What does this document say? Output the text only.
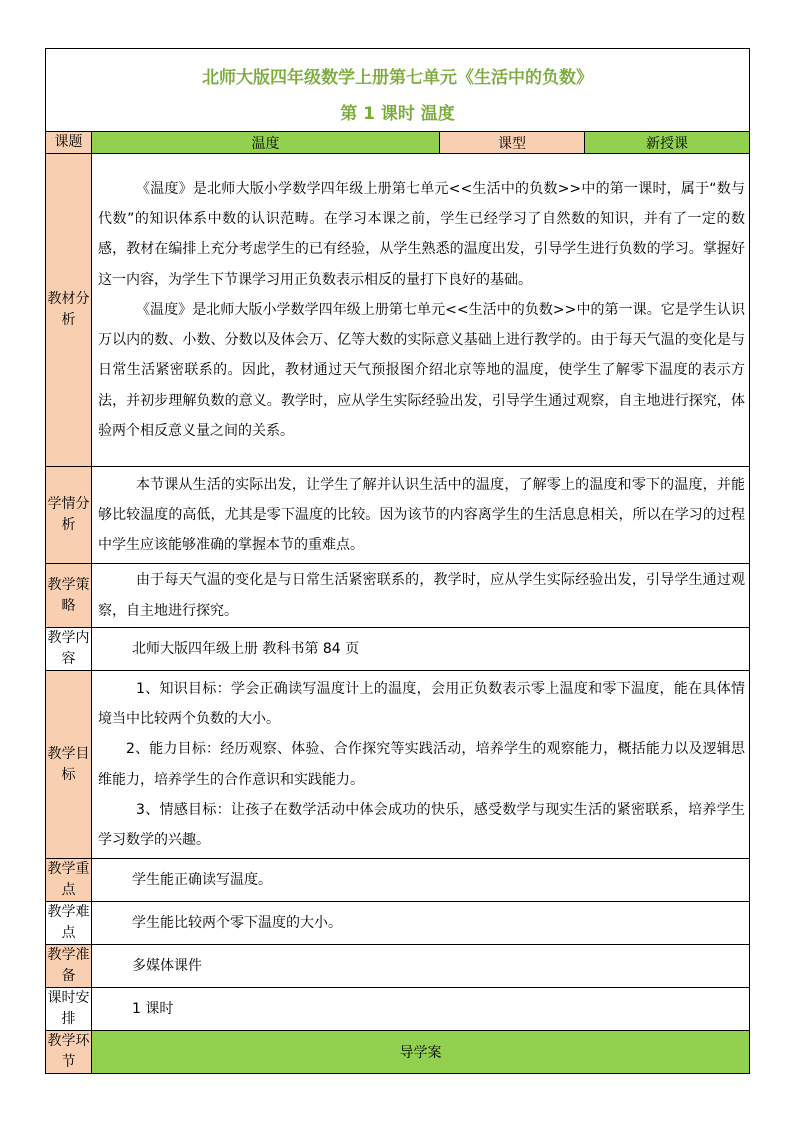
北师大版四年级数学上册第七单元《生活中的负数》
第 1 课时 温度			

课题	温度	课型	新授课
教材分析	《温度》是北师大版小学数学四年级上册第七单元<<生活中的负数>>中的第一课时，属于“数与代数”的知识体系中数的认识范畴。在学习本课之前，学生已经学习了自然数的知识，并有了一定的数感，教材在编排上充分考虑学生的已有经验，从学生熟悉的温度出发，引导学生进行负数的学习。掌握好这一内容，为学生下节课学习用正负数表示相反的量打下良好的基础。

《温度》是北师大版小学数学四年级上册第七单元<<生活中的负数>>中的第一课。它是学生认识万以内的数、小数、分数以及体会万、亿等大数的实际意义基础上进行教学的。由于每天气温的变化是与日常生活紧密联系的。因此，教材通过天气预报图介绍北京等地的温度，使学生了解零下温度的表示方法，并初步理解负数的意义。教学时，应从学生实际经验出发，引导学生通过观察，自主地进行探究，体验两个相反意义量之间的关系。		

学情分析	本节课从生活的实际出发，让学生了解并认识生活中的温度，了解零上的温度和零下的温度，并能够比较温度的高低，尤其是零下温度的比较。因为该节的内容离学生的生活息息相关，所以在学习的过程中学生应该能够准确的掌握本节的重难点。		

教学策略	由于每天气温的变化是与日常生活紧密联系的，教学时，应从学生实际经验出发，引导学生通过观察，自主地进行探究。		

教学内容	北师大版四年级上册 教科书第 84 页		
教学目标	1、知识目标：学会正确读写温度计上的温度，会用正负数表示零上温度和零下温度，能在具体情境当中比较两个负数的大小。

2、能力目标：经历观察、体验、合作探究等实践活动，培养学生的观察能力，概括能力以及逻辑思维能力，培养学生的合作意识和实践能力。

3、情感目标：让孩子在数学活动中体会成功的快乐，感受数学与现实生活的紧密联系，培养学生学习数学的兴趣。		

教学重点	学生能正确读写温度。		
教学难点	学生能比较两个零下温度的大小。		
教学准备	多媒体课件		
课时安排	1 课时		
教学环节	导学案		
